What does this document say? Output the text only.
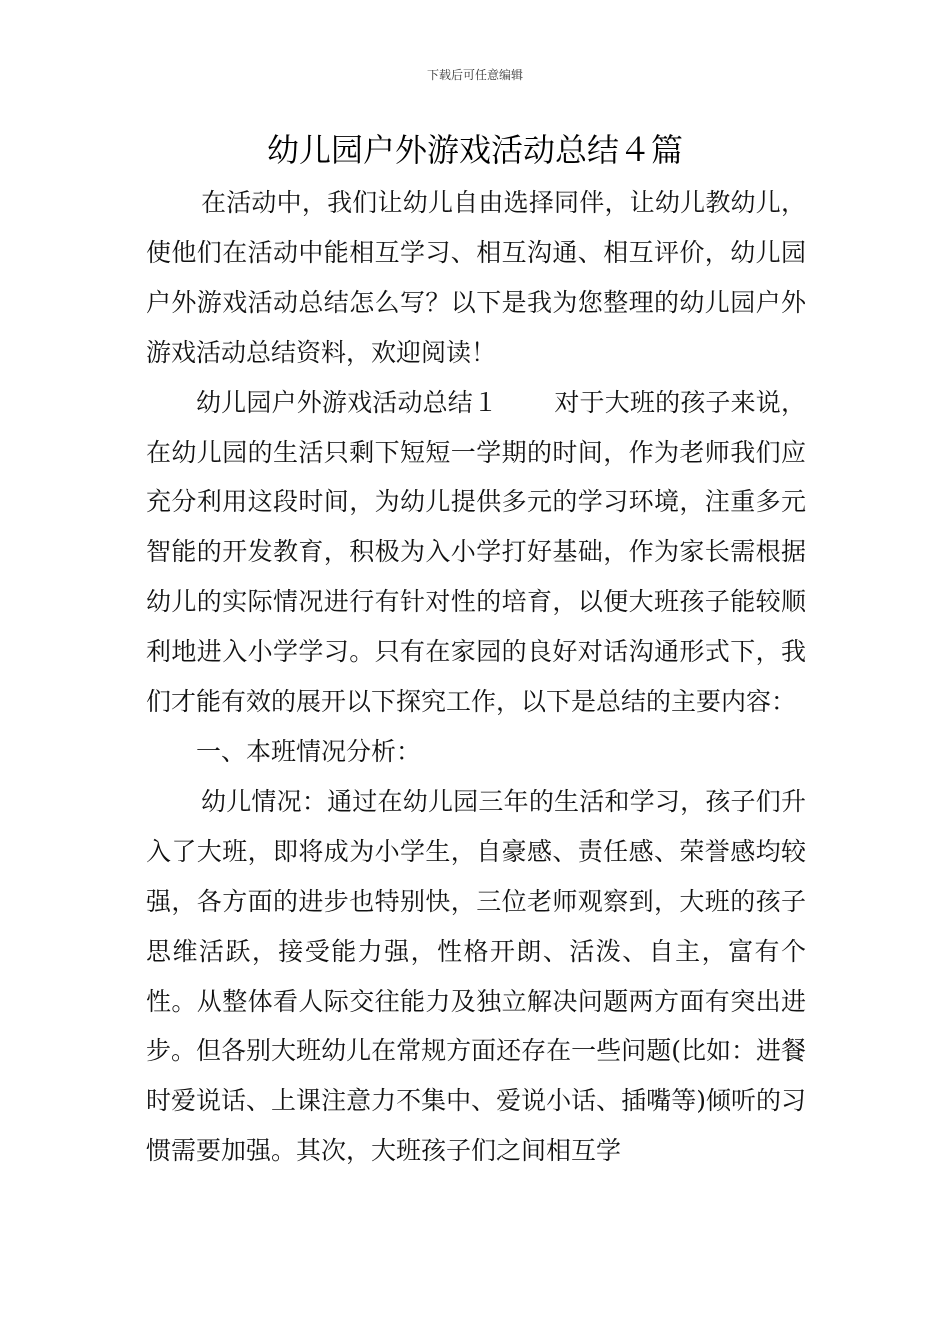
下载后可任意编辑
幼儿园户外游戏活动总结４篇

在活动中，我们让幼儿自由选择同伴，让幼儿教幼儿，使他们在活动中能相互学习、相互沟通、相互评价，幼儿园户外游戏活动总结怎么写？以下是我为您整理的幼儿园户外游戏活动总结资料，欢迎阅读！

幼儿园户外游戏活动总结１ 对于大班的孩子来说，在幼儿园的生活只剩下短短一学期的时间，作为老师我们应充分利用这段时间，为幼儿提供多元的学习环境，注重多元智能的开发教育，积极为入小学打好基础，作为家长需根据幼儿的实际情况进行有针对性的培育，以便大班孩子能较顺利地进入小学学习。只有在家园的良好对话沟通形式下，我们才能有效的展开以下探究工作，以下是总结的主要内容：

一、本班情况分析：

幼儿情况：通过在幼儿园三年的生活和学习，孩子们升入了大班，即将成为小学生，自豪感、责任感、荣誉感均较强，各方面的进步也特别快，三位老师观察到，大班的孩子思维活跃，接受能力强，性格开朗、活泼、自主，富有个性。从整体看人际交往能力及独立解决问题两方面有突出进步。但各别大班幼儿在常规方面还存在一些问题(比如：进餐时爱说话、上课注意力不集中、爱说小话、插嘴等)倾听的习惯需要加强。其次，大班孩子们之间相互学
